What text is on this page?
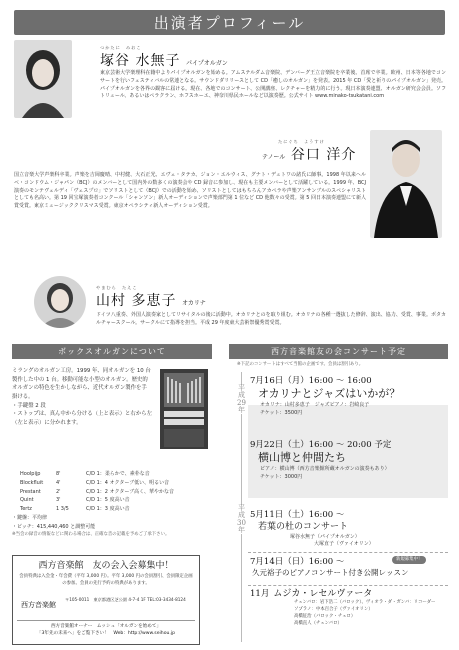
出演者プロフィール
つかたに　みおこ
塚谷 水無子 パイプオルガン
東京芸術大学楽理科在籍中よりパイプオルガンを始める。アムステルダム音楽院、デンバーグ王立音楽院を卒業後、首席で卒業。欧州、日本等各地でコンサートを行いフェスティバルの常連となる。サウンドダリリースとして CD「癒しのオルガン」を発表。2015 年 CD「愛と祈りのパイプオルガン」発売。パイプオルガンを各界の観客に届ける。現在、各地でのコンサート、公開講座、レクチャーを精力的に行う。現日本演奏連盟、オルガン研究会会員。ソフトリュール、あるいはペラクラン、ホフスホーエ、神奈川県民ホールなど以演奏歴。公式サイト www.minako-tsukatani.com
たにぐち　ようすけ
テノール 谷口 洋介
国立音楽大学声楽科卒業。声楽を吉岡慶晴、中村健、大石正光、エヴェ・タテカ、ジョン・エルウィス、グナト・デュトワの諸氏に師事。1998 年以来ヘルベ・コンドウム・ジャパン（BCJ）のメンバーとして国内外の数多くの演奏会や CD 録音に参加し、現在も主要メンバーとして活躍している。1999 年、BCJ 演奏のモンテヴェルディ「ヴェスプロ」でソリストとして（BCJ）での活動を始め、ソリストとしてはもちろんアカペラや声楽アンサンブルのスペシャリストとしても名高い。第 19 回宝塚演奏者コンクール「シャンソン」新人オーディションで声楽部門第 1 位など CD 他数々の受賞。第 5 回日本演奏連盟にて新人賞受賞。東京ミュージッククリスマス受賞。東京オペラシティ新人オーディション受賞。
やまむら　たえこ
山村 多恵子 オカリナ
ドイツ八重奏、外国人演奏家としてリサイタルの後に活動中。オカリナとのを取り組む。オカリナの各種一選抜した修辞、演出、協力、受賞、事業。ボタカルチャースクール。サークルにて指導を担当。平成 29 年度東大芸術祭優秀賞受賞。
ボックスオルガンについて	西方音楽館友の会コンサート予定
ミラングのオルガン工房。1999 年、同オルガンを 10 台製作した中の 1 台。移動可能な小型のオルガン。歴史的オルガンの特色を生かしながら、近代オルガン製作を手掛ける。
・手鍵盤 2 段
・ストップは、真ん中から分ける（上と表示）と右から左（左と表示）に分かれます。
Hoolpijp	8'	C/D 1：柔らかで、素朴な音
Blockfluit	4'	C/D 1：4 オクターブ低い、明るい音
Prestant	2'	C/D 1：2 オクターブ高く、華やかな音
Quint	3'	C/D 1：5 度高い音
Tertz	1 3/5	C/D 1：3 度高い音
・鍵盤：平均律
・ピッチ：415,440,460 と調整可能
※当会の録音の情報などに関わる場合は、正確な音の記載を予めご了承下さい。
西方音楽館　友の会入会募集中！
会員特典は入会金・年会費（平年 3,000 円）。平年 3,000 円の会員割引、会員限定企画の参加。会員の先行予約の特典があります。
西方音楽館
〒105-0011　東京都港区芝公園 4-7-4 1F TEL:03-3434-8124
西方音楽館オーナー　ムッシュ「オルガンを始めて」
「3年先の未来へ」をご覧下さい！　Web：http://www.seihou.jp
※下記のコンサートはすべて当館の企画です。会員は割引あり。
平成29年
平成30年
7月16日（月）16:00 ～ 16:00
オカリナとジャズはいかが？
オカリナ：山村多恵子　ジャズピアノ：岩崎良子
チケット：3500円
9月22日（土）16:00 ～ 20:00 予定
横山博と仲間たち
ピアノ：横山博（西方音楽館所蔵オルガンの演奏もあり）
チケット：3000円
5月11日（土）16:00 ～
若葉の杜のコンサート
塚谷水無子（パイプオルガン）
大塚直子（ヴァイオリン）
新規募集中！
7月14日（日）16:00 ～
久元裕子のピアノコンサート付き公開レッスン
11月 ムジカ・レセルヴァータ
チェンバロ：岩下浩二（バロック）、ヴィオラ・ダ・ガンバ：リコーダー
ソプラノ：中本百合子（ヴァイオリン）
高橋征治（バロック・チェロ）
高橋直人（チェンバロ）
